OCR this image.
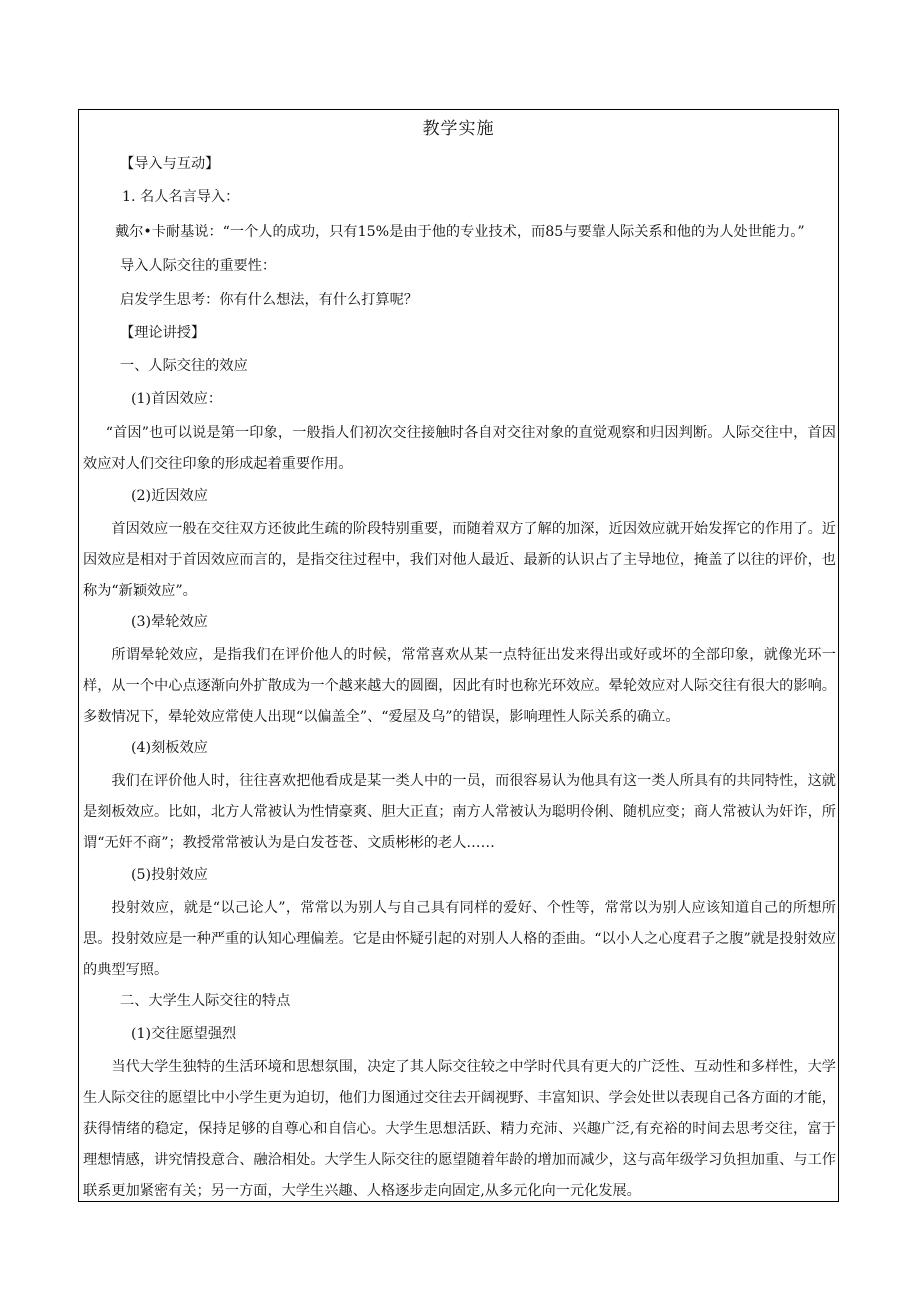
教学实施
【导入与互动】
1. 名人名言导入：
戴尔•卡耐基说：“一个人的成功，只有15%是由于他的专业技术，而85与要靠人际关系和他的为人处世能力。”
导入人际交往的重要性：
启发学生思考：你有什么想法，有什么打算呢？
【理论讲授】
一、人际交往的效应
(1)首因效应：
“首因”也可以说是第一印象，一般指人们初次交往接触时各自对交往对象的直觉观察和归因判断。人际交往中，首因效应对人们交往印象的形成起着重要作用。
(2)近因效应
首因效应一般在交往双方还彼此生疏的阶段特别重要，而随着双方了解的加深，近因效应就开始发挥它的作用了。近因效应是相对于首因效应而言的，是指交往过程中，我们对他人最近、最新的认识占了主导地位，掩盖了以往的评价，也称为“新颖效应”。
(3)晕轮效应
所谓晕轮效应，是指我们在评价他人的时候，常常喜欢从某一点特征出发来得出或好或坏的全部印象，就像光环一样，从一个中心点逐渐向外扩散成为一个越来越大的圆圈，因此有时也称光环效应。晕轮效应对人际交往有很大的影响。多数情况下，晕轮效应常使人出现“以偏盖全”、“爱屋及乌”的错误，影响理性人际关系的确立。
(4)刻板效应
我们在评价他人时，往往喜欢把他看成是某一类人中的一员，而很容易认为他具有这一类人所具有的共同特性，这就是刻板效应。比如，北方人常被认为性情豪爽、胆大正直；南方人常被认为聪明伶俐、随机应变；商人常被认为奸诈，所谓“无奸不商”；教授常常被认为是白发苍苍、文质彬彬的老人……
(5)投射效应
投射效应，就是“以己论人”，常常以为别人与自己具有同样的爱好、个性等，常常以为别人应该知道自己的所想所思。投射效应是一种严重的认知心理偏差。它是由怀疑引起的对别人人格的歪曲。“以小人之心度君子之腹”就是投射效应的典型写照。
二、大学生人际交往的特点
(1)交往愿望强烈
当代大学生独特的生活环境和思想氛围，决定了其人际交往较之中学时代具有更大的广泛性、互动性和多样性，大学生人际交往的愿望比中小学生更为迫切，他们力图通过交往去开阔视野、丰富知识、学会处世以表现自己各方面的才能，获得情绪的稳定，保持足够的自尊心和自信心。大学生思想活跃、精力充沛、兴趣广泛,有充裕的时间去思考交往，富于理想情感，讲究情投意合、融洽相处。大学生人际交往的愿望随着年龄的增加而减少，这与高年级学习负担加重、与工作联系更加紧密有关；另一方面，大学生兴趣、人格逐步走向固定,从多元化向一元化发展。
